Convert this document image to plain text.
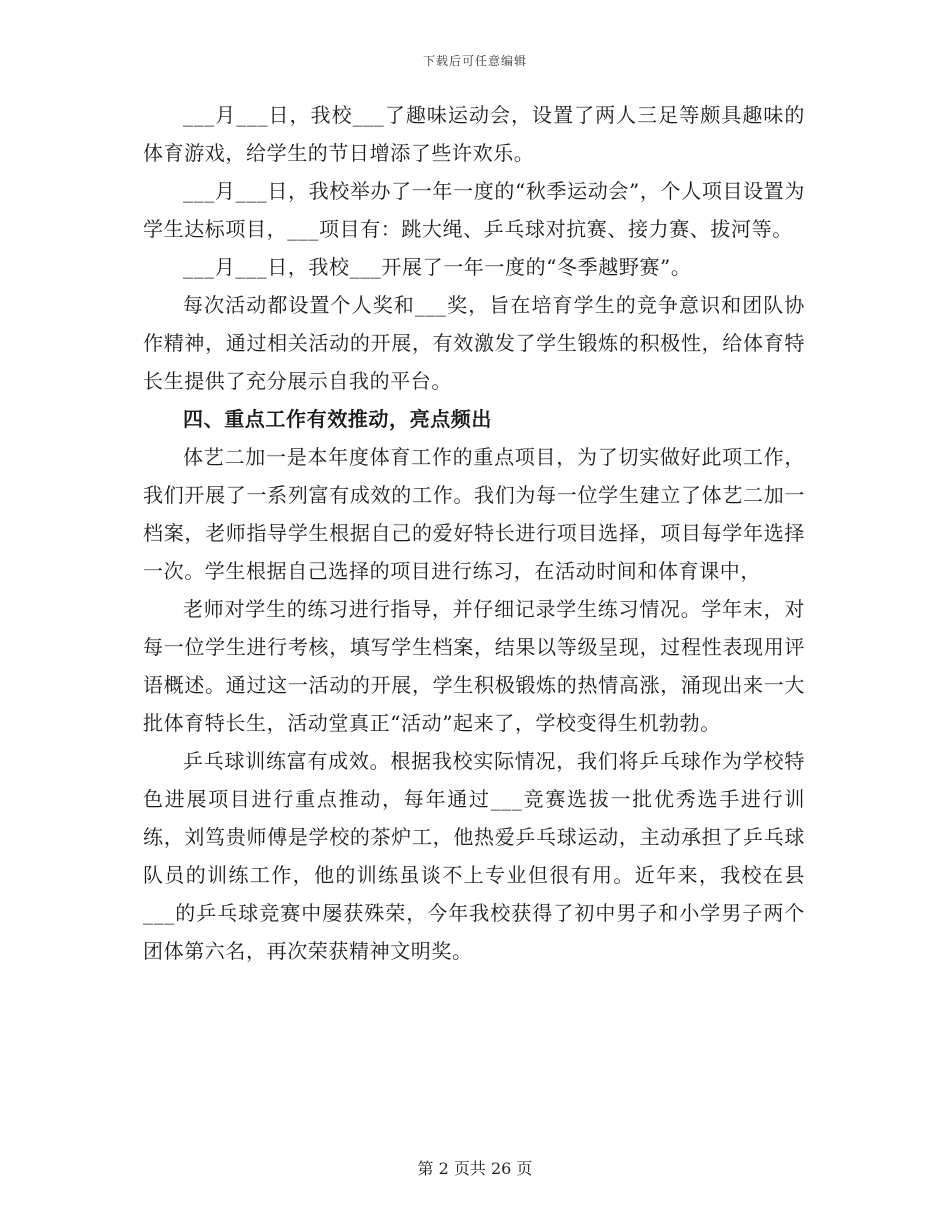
下载后可任意编辑

___月___日，我校___了趣味运动会，设置了两人三足等颇具趣味的体育游戏，给学生的节日增添了些许欢乐。

___月___日，我校举办了一年一度的“秋季运动会”，个人项目设置为学生达标项目，___项目有：跳大绳、乒乓球对抗赛、接力赛、拔河等。

___月___日，我校___开展了一年一度的“冬季越野赛”。

每次活动都设置个人奖和___奖，旨在培育学生的竞争意识和团队协作精神，通过相关活动的开展，有效激发了学生锻炼的积极性，给体育特长生提供了充分展示自我的平台。

四、重点工作有效推动，亮点频出

体艺二加一是本年度体育工作的重点项目，为了切实做好此项工作，我们开展了一系列富有成效的工作。我们为每一位学生建立了体艺二加一档案，老师指导学生根据自己的爱好特长进行项目选择，项目每学年选择一次。学生根据自己选择的项目进行练习，在活动时间和体育课中，

老师对学生的练习进行指导，并仔细记录学生练习情况。学年末，对每一位学生进行考核，填写学生档案，结果以等级呈现，过程性表现用评语概述。通过这一活动的开展，学生积极锻炼的热情高涨，涌现出来一大批体育特长生，活动堂真正“活动”起来了，学校变得生机勃勃。

乒乓球训练富有成效。根据我校实际情况，我们将乒乓球作为学校特色进展项目进行重点推动，每年通过___竞赛选拔一批优秀选手进行训练，刘笃贵师傅是学校的茶炉工，他热爱乒乓球运动，主动承担了乒乓球队员的训练工作，他的训练虽谈不上专业但很有用。近年来，我校在县___的乒乓球竞赛中屡获殊荣，今年我校获得了初中男子和小学男子两个团体第六名，再次荣获精神文明奖。

第 2 页共 26 页
